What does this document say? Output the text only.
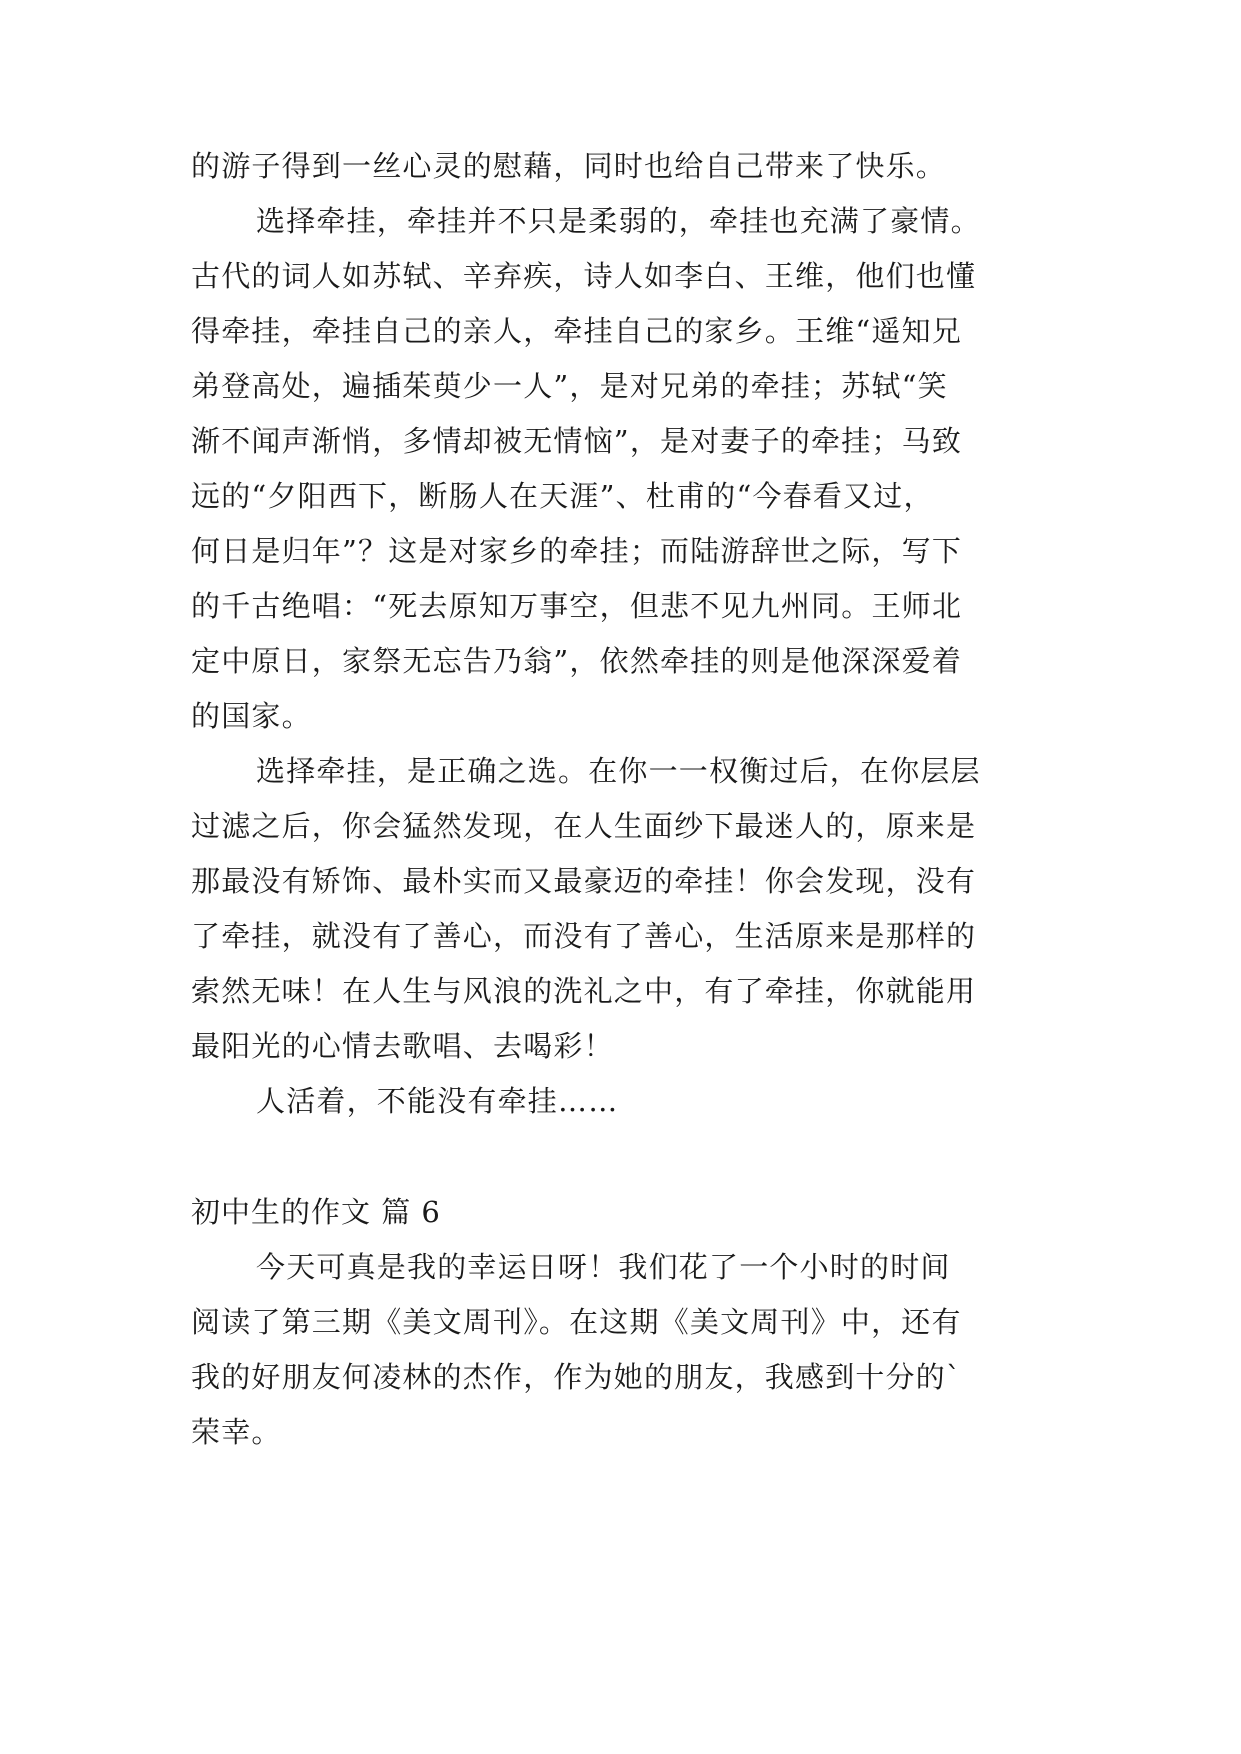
的游子得到一丝心灵的慰藉，同时也给自己带来了快乐。
选择牵挂，牵挂并不只是柔弱的，牵挂也充满了豪情。
古代的词人如苏轼、辛弃疾，诗人如李白、王维，他们也懂
得牵挂，牵挂自己的亲人，牵挂自己的家乡。王维“遥知兄
弟登高处，遍插茱萸少一人”，是对兄弟的牵挂；苏轼“笑
渐不闻声渐悄，多情却被无情恼”，是对妻子的牵挂；马致
远的“夕阳西下，断肠人在天涯”、杜甫的“今春看又过，
何日是归年”？这是对家乡的牵挂；而陆游辞世之际，写下
的千古绝唱：“死去原知万事空，但悲不见九州同。王师北
定中原日，家祭无忘告乃翁”，依然牵挂的则是他深深爱着
的国家。
选择牵挂，是正确之选。在你一一权衡过后，在你层层
过滤之后，你会猛然发现，在人生面纱下最迷人的，原来是
那最没有矫饰、最朴实而又最豪迈的牵挂！你会发现，没有
了牵挂，就没有了善心，而没有了善心，生活原来是那样的
索然无味！在人生与风浪的洗礼之中，有了牵挂，你就能用
最阳光的心情去歌唱、去喝彩！
人活着，不能没有牵挂……
初中生的作文 篇 6
今天可真是我的幸运日呀！我们花了一个小时的时间
阅读了第三期《美文周刊》。在这期《美文周刊》中，还有
我的好朋友何凌林的杰作，作为她的朋友，我感到十分的`
荣幸。
